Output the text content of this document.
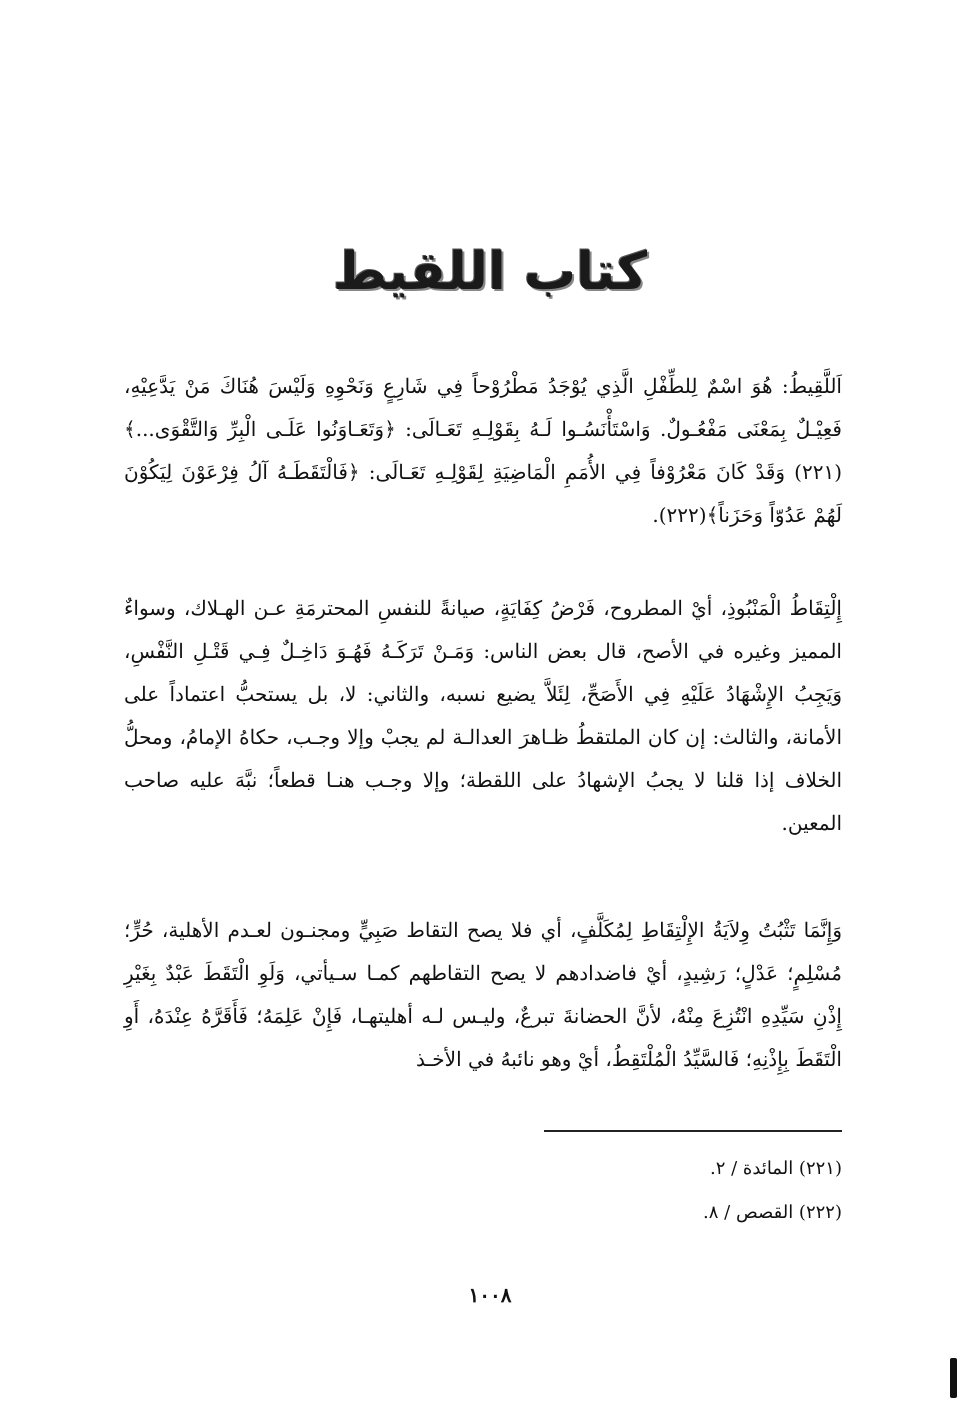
كتاب اللقيط
اَللَّقِيطُ: هُوَ اسْمٌ لِلطِّفْلِ الَّذِي يُوْجَدُ مَطْرُوْحاً فِي شَارِعٍ وَنَحْوِهِ وَلَيْسَ هُنَاكَ مَنْ يَدَّعِيْهِ، فَعِيْـلٌ بِمَعْنَى مَفْعُـولٌ. وَاسْتَأْنَسُـوا لَـهُ بِقَوْلِـهِ تَعَـالَى: ﴿وَتَعَـاوَنُوا عَلَـى الْبِرِّ وَالتَّقْوَى...﴾(٢٢١) وَقَدْ كَانَ مَعْرُوْفاً فِي الأُمَمِ الْمَاضِيَةِ لِقَوْلِـهِ تَعَـالَى: ﴿فَالْتَقَطَـهُ آلُ فِرْعَوْنَ لِيَكُوْنَ لَهُمْ عَدُوّاً وَحَزَناً﴾(٢٢٢).
إِلْتِقَاطُ الْمَنْبُوذِ، أيْ المطروح، فَرْضُ كِفَايَةٍ، صيانةً للنفسِ المحترمَةِ عـن الهـلاك، وسواءٌ المميز وغيره في الأصح، قال بعض الناس: وَمَـنْ تَرَكَـهُ فَهُـوَ دَاخِـلٌ فِـي قَتْـلِ النَّفْسِ، وَيَجِبُ الإِشْهَادُ عَلَيْهِ فِي الأَصَحِّ، لِئَلاَّ يضيع نسبه، والثاني: لا، بل يستحبُّ اعتماداً على الأمانة، والثالث: إن كان الملتقطُ ظـاهرَ العدالـة لم يجبْ وإلا وجـب، حكاهُ الإمامُ، ومحلُّ الخلاف إذا قلنا لا يجبُ الإشهادُ على اللقطة؛ وإلا وجـب هنـا قطعاً؛ نبَّهَ عليه صاحب المعين.
وَإِنَّمَا تَثْبُتُ وِلاَيَةُ الإِلْتِقَاطِ لِمُكَلَّفٍ، أي فلا يصح التقاط صَبِيٍّ ومجنـون لعـدم الأهلية، حُرٍّ؛ مُسْلِمٍ؛ عَدْلٍ؛ رَشِيدٍ، أيْ فاضدادهم لا يصح التقاطهم كمـا سـيأتي، وَلَوِ الْتَقَطَ عَبْدٌ بِغَيْرِ إِذْنِ سَيِّدِهِ انْتُزِعَ مِنْهُ، لأنَّ الحضانةَ تبرعٌ، وليـس لـه أهليتهـا، فَإِنْ عَلِمَهُ؛ فَأَقَرَّهُ عِنْدَهُ، أَوِ الْتَقَطَ بِإِذْنِهِ؛ فَالسَّيِّدُ الْمُلْتَقِطُ، أيْ وهو نائبهُ في الأخـذ
(٢٢١) المائدة / ٢.
(٢٢٢) القصص / ٨.
١٠٠٨
